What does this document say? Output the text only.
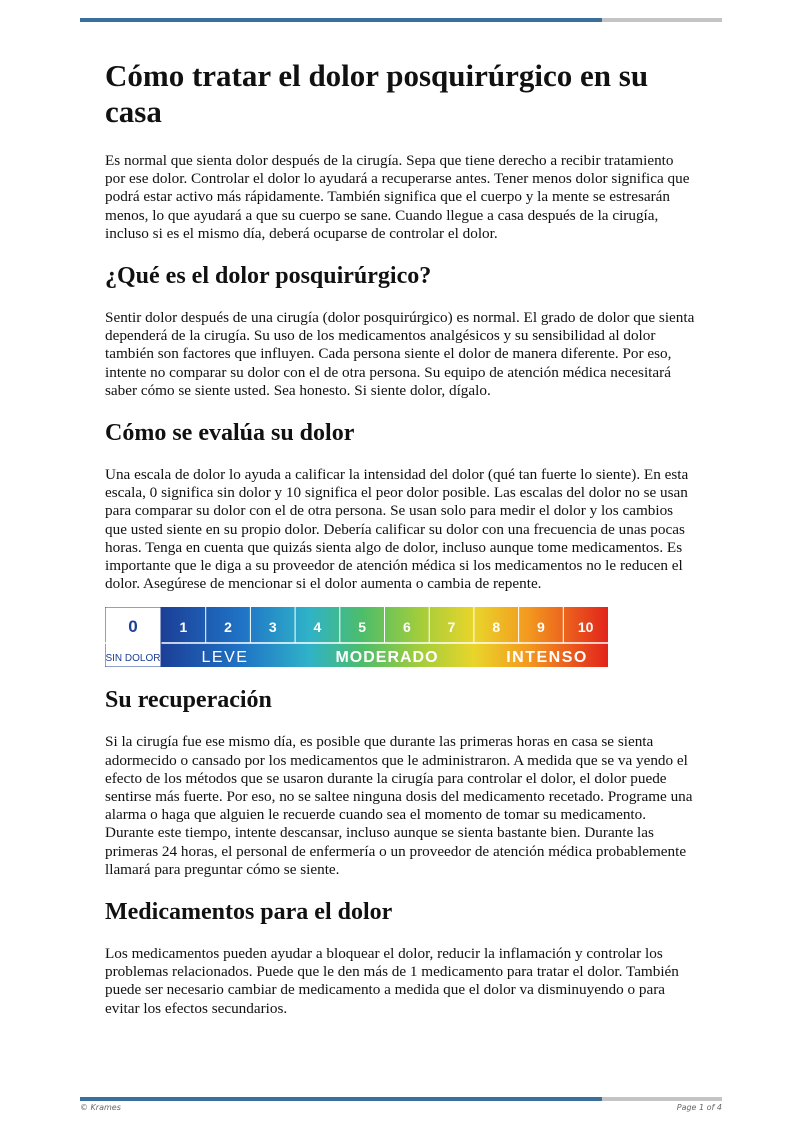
Cómo tratar el dolor posquirúrgico en su casa

Es normal que sienta dolor después de la cirugía. Sepa que tiene derecho a recibir tratamiento por ese dolor. Controlar el dolor lo ayudará a recuperarse antes. Tener menos dolor significa que podrá estar activo más rápidamente. También significa que el cuerpo y la mente se estresarán menos, lo que ayudará a que su cuerpo se sane. Cuando llegue a casa después de la cirugía, incluso si es el mismo día, deberá ocuparse de controlar el dolor.

¿Qué es el dolor posquirúrgico?

Sentir dolor después de una cirugía (dolor posquirúrgico) es normal. El grado de dolor que sienta dependerá de la cirugía. Su uso de los medicamentos analgésicos y su sensibilidad al dolor también son factores que influyen. Cada persona siente el dolor de manera diferente. Por eso, intente no comparar su dolor con el de otra persona. Su equipo de atención médica necesitará saber cómo se siente usted. Sea honesto. Si siente dolor, dígalo.

Cómo se evalúa su dolor

Una escala de dolor lo ayuda a calificar la intensidad del dolor (qué tan fuerte lo siente). En esta escala, 0 significa sin dolor y 10 significa el peor dolor posible. Las escalas del dolor no se usan para comparar su dolor con el de otra persona. Se usan solo para medir el dolor y los cambios que usted siente en su propio dolor. Debería calificar su dolor con una frecuencia de unas pocas horas. Tenga en cuenta que quizás sienta algo de dolor, incluso aunque tome medicamentos. Es importante que le diga a su proveedor de atención médica si los medicamentos no le reducen el dolor. Asegúrese de mencionar si el dolor aumenta o cambia de repente.

0	1	2	3	4	5	6	7	8	9 10
SIN DOLOR	LEVE	MODERADO	INTENSO
Su recuperación

Si la cirugía fue ese mismo día, es posible que durante las primeras horas en casa se sienta adormecido o cansado por los medicamentos que le administraron. A medida que se va yendo el efecto de los métodos que se usaron durante la cirugía para controlar el dolor, el dolor puede sentirse más fuerte. Por eso, no se saltee ninguna dosis del medicamento recetado. Programe una alarma o haga que alguien le recuerde cuando sea el momento de tomar su medicamento. Durante este tiempo, intente descansar, incluso aunque se sienta bastante bien. Durante las primeras 24 horas, el personal de enfermería o un proveedor de atención médica probablemente llamará para preguntar cómo se siente.

Medicamentos para el dolor

Los medicamentos pueden ayudar a bloquear el dolor, reducir la inflamación y controlar los problemas relacionados. Puede que le den más de 1 medicamento para tratar el dolor. También puede ser necesario cambiar de medicamento a medida que el dolor va disminuyendo o para evitar los efectos secundarios.

© Krames	Page 1 of 4
